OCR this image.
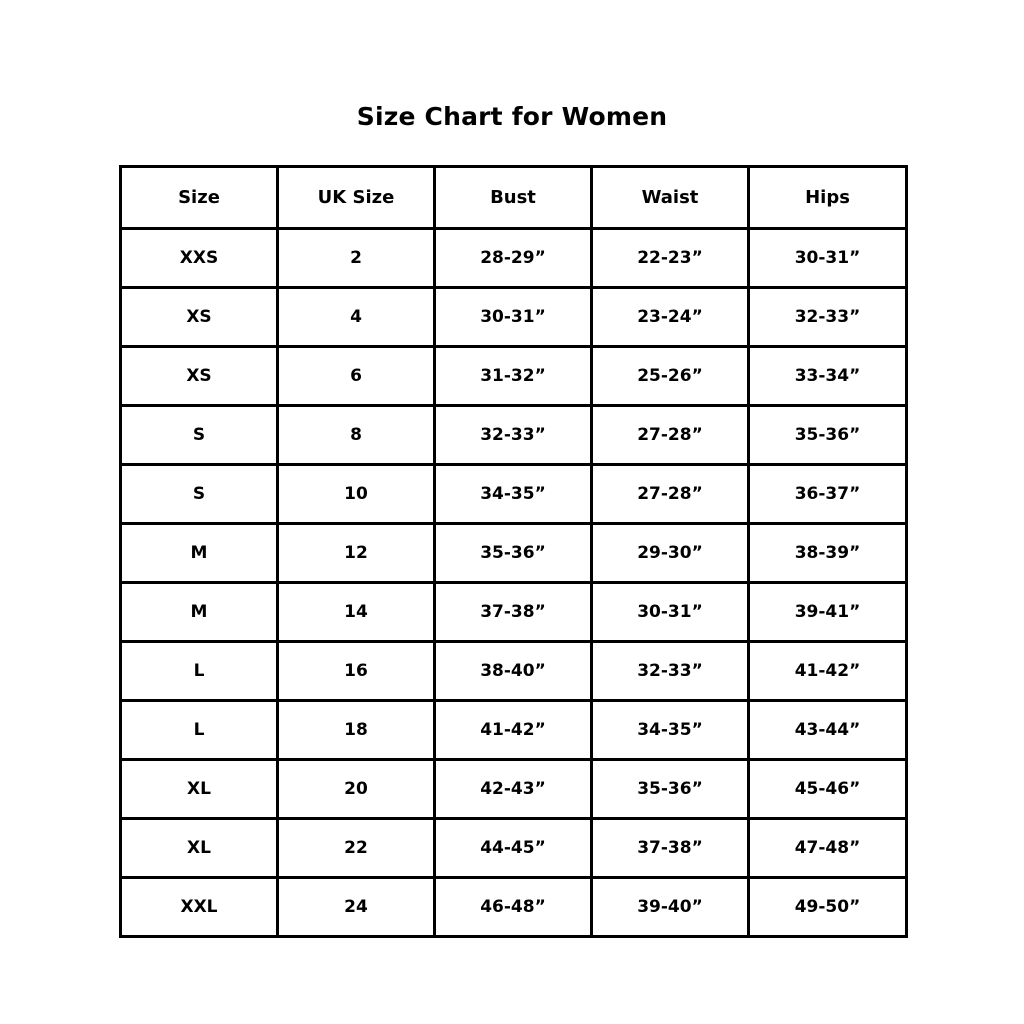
Size Chart for Women
Size	UK Size	Bust	Waist	Hips
XXS	2	28-29”	22-23”	30-31”
XS	4	30-31”	23-24”	32-33”
XS	6	31-32”	25-26”	33-34”
S	8	32-33”	27-28”	35-36”
S	10	34-35”	27-28”	36-37”
M	12	35-36”	29-30”	38-39”
M	14	37-38”	30-31”	39-41”
L	16	38-40”	32-33”	41-42”
L	18	41-42”	34-35”	43-44”
XL	20	42-43”	35-36”	45-46”
XL	22	44-45”	37-38”	47-48”
XXL	24	46-48”	39-40”	49-50”
